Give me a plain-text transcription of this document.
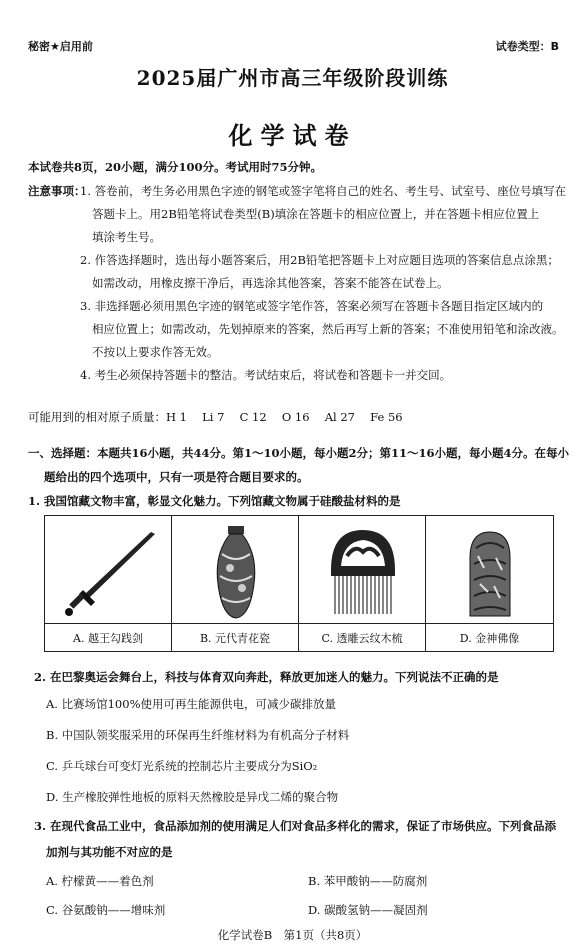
秘密★启用前	试卷类型：B
2025届广州市高三年级阶段训练
化学试卷
本试卷共8页，20小题，满分100分。考试用时75分钟。
注意事项：
1. 答卷前，考生务必用黑色字迹的钢笔或签字笔将自己的姓名、考生号、试室号、座位号填写在
答题卡上。用2B铅笔将试卷类型(B)填涂在答题卡的相应位置上，并在答题卡相应位置上
填涂考生号。
2. 作答选择题时，选出每小题答案后，用2B铅笔把答题卡上对应题目选项的答案信息点涂黑；
如需改动，用橡皮擦干净后，再选涂其他答案，答案不能答在试卷上。
3. 非选择题必须用黑色字迹的钢笔或签字笔作答，答案必须写在答题卡各题目指定区域内的
相应位置上；如需改动，先划掉原来的答案，然后再写上新的答案；不准使用铅笔和涂改液。
不按以上要求作答无效。
4. 考生必须保持答题卡的整洁。考试结束后，将试卷和答题卡一并交回。
可能用到的相对原子质量：H 1　 Li 7　 C 12　 O 16　 Al 27　 Fe 56
一、选择题：本题共16小题，共44分。第1～10小题，每小题2分；第11～16小题，每小题4分。在每小
题给出的四个选项中，只有一项是符合题目要求的。
1. 我国馆藏文物丰富，彰显文化魅力。下列馆藏文物属于硅酸盐材料的是
A. 越王勾践剑	B. 元代青花瓷	C. 透雕云纹木梳	D. 金神佛像
2. 在巴黎奥运会舞台上，科技与体育双向奔赴，释放更加迷人的魅力。下列说法不正确的是
A. 比赛场馆100%使用可再生能源供电，可减少碳排放量
B. 中国队领奖服采用的环保再生纤维材料为有机高分子材料
C. 乒乓球台可变灯光系统的控制芯片主要成分为SiO₂
D. 生产橡胶弹性地板的原料天然橡胶是异戊二烯的聚合物
3. 在现代食品工业中，食品添加剂的使用满足人们对食品多样化的需求，保证了市场供应。下列食品添
加剂与其功能不对应的是
A. 柠檬黄——着色剂	B. 苯甲酸钠——防腐剂
C. 谷氨酸钠——增味剂	D. 碳酸氢钠——凝固剂
化学试卷B　第1页（共8页）
